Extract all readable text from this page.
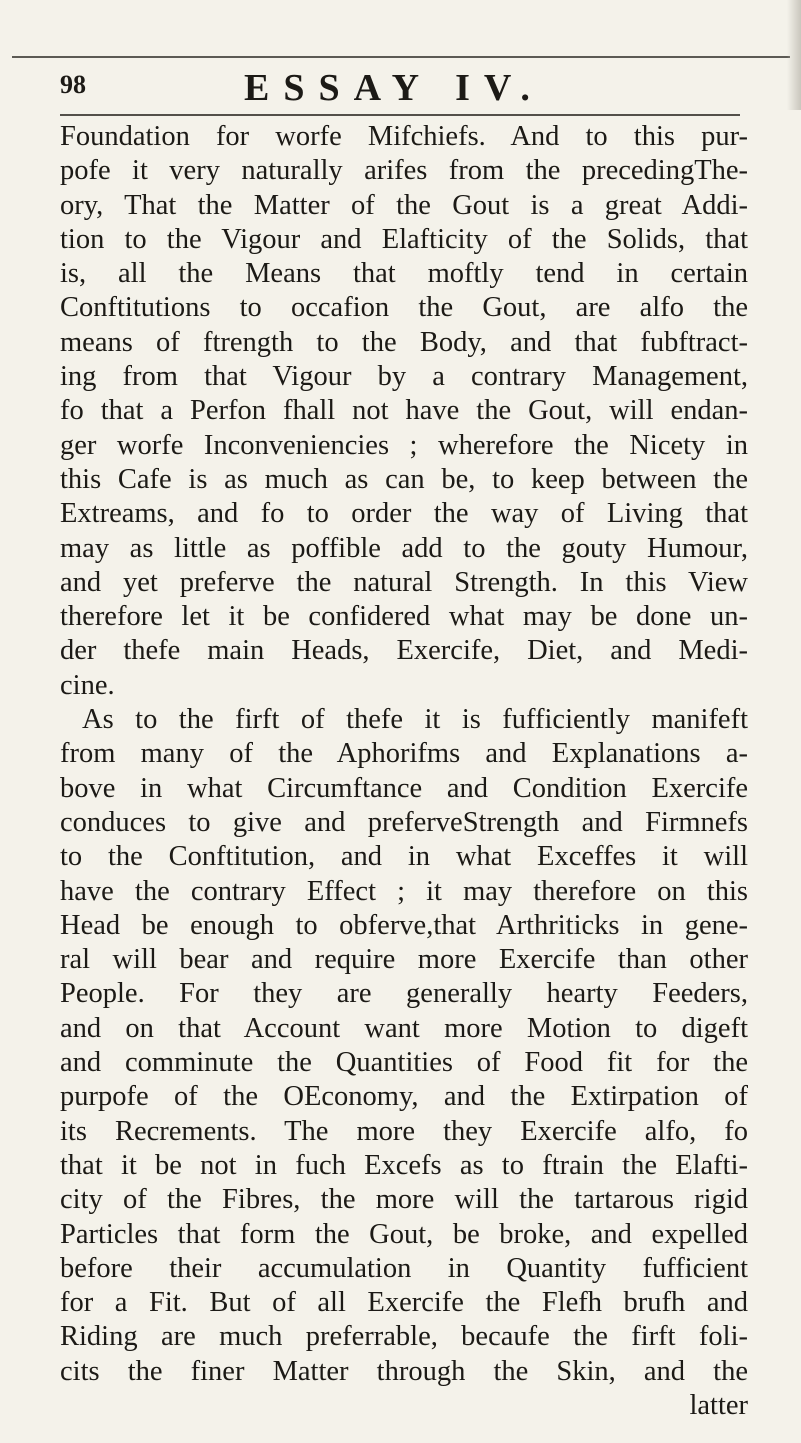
98	ESSAY IV.
Foundation for worfe Mifchiefs. And to this pur-
pofe it very naturally arifes from the precedingThe-
ory, That the Matter of the Gout is a great Addi-
tion to the Vigour and Elafticity of the Solids, that
is, all the Means that moftly tend in certain
Conftitutions to occafion the Gout, are alfo the
means of ftrength to the Body, and that fubftract-
ing from that Vigour by a contrary Management,
fo that a Perfon fhall not have the Gout, will endan-
ger worfe Inconveniencies ; wherefore the Nicety in
this Cafe is as much as can be, to keep between the
Extreams, and fo to order the way of Living that
may as little as poffible add to the gouty Humour,
and yet preferve the natural Strength. In this View
therefore let it be confidered what may be done un-
der thefe main Heads, Exercife, Diet, and Medi-
cine.
As to the firft of thefe it is fufficiently manifeft
from many of the Aphorifms and Explanations a-
bove in what Circumftance and Condition Exercife
conduces to give and preferveStrength and Firmnefs
to the Conftitution, and in what Exceffes it will
have the contrary Effect ; it may therefore on this
Head be enough to obferve,that Arthriticks in gene-
ral will bear and require more Exercife than other
People. For they are generally hearty Feeders,
and on that Account want more Motion to digeft
and comminute the Quantities of Food fit for the
purpofe of the OEconomy, and the Extirpation of
its Recrements. The more they Exercife alfo, fo
that it be not in fuch Excefs as to ftrain the Elafti-
city of the Fibres, the more will the tartarous rigid
Particles that form the Gout, be broke, and expelled
before their accumulation in Quantity fufficient
for a Fit. But of all Exercife the Flefh brufh and
Riding are much preferrable, becaufe the firft foli-
cits the finer Matter through the Skin, and the
latter
